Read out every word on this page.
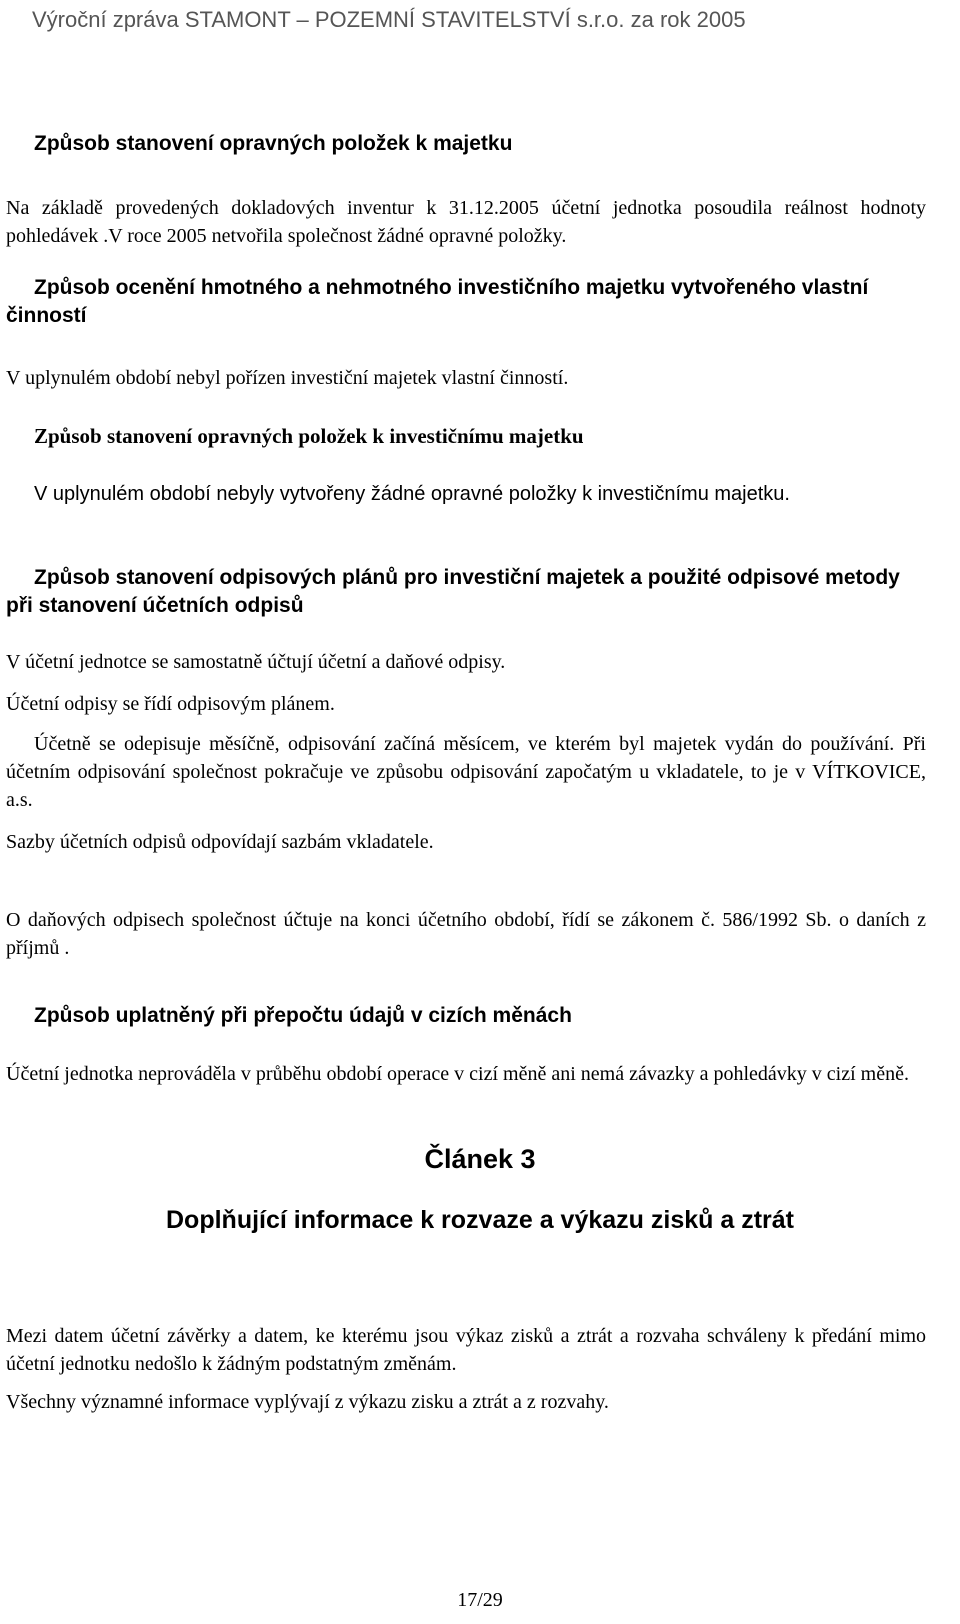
Výroční zpráva STAMONT – POZEMNÍ STAVITELSTVÍ s.r.o. za rok 2005
Způsob stanovení opravných položek k majetku

Na základě provedených dokladových inventur k 31.12.2005 účetní jednotka posoudila reálnost hodnoty pohledávek .V roce 2005 netvořila společnost žádné opravné položky.

Způsob ocenění hmotného a nehmotného investičního majetku vytvořeného vlastní činností

V uplynulém období nebyl pořízen investiční majetek vlastní činností.

Způsob stanovení opravných položek k investičnímu majetku

V uplynulém období nebyly vytvořeny žádné opravné položky k investičnímu majetku.

Způsob stanovení odpisových plánů pro investiční majetek a použité odpisové metody při stanovení účetních odpisů

V účetní jednotce se samostatně účtují účetní a daňové odpisy.

Účetní odpisy se řídí odpisovým plánem.

Účetně se odepisuje měsíčně, odpisování začíná měsícem, ve kterém byl majetek vydán do používání. Při účetním odpisování společnost pokračuje ve způsobu odpisování započatým u vkladatele, to je v VÍTKOVICE, a.s.

Sazby účetních odpisů odpovídají sazbám vkladatele.

O daňových odpisech společnost účtuje na konci účetního období, řídí se zákonem č. 586/1992 Sb. o daních z příjmů .

Způsob uplatněný při přepočtu údajů v cizích měnách

Účetní jednotka neprováděla v průběhu období operace v cizí měně ani nemá závazky a pohledávky v cizí měně.

Článek 3
Doplňující informace k rozvaze a výkazu zisků a ztrát

Mezi datem účetní závěrky a datem, ke kterému jsou výkaz zisků a ztrát a rozvaha schváleny k předání mimo účetní jednotku nedošlo k žádným podstatným změnám.

Všechny významné informace vyplývají z výkazu zisku a ztrát a z rozvahy.

17/29
